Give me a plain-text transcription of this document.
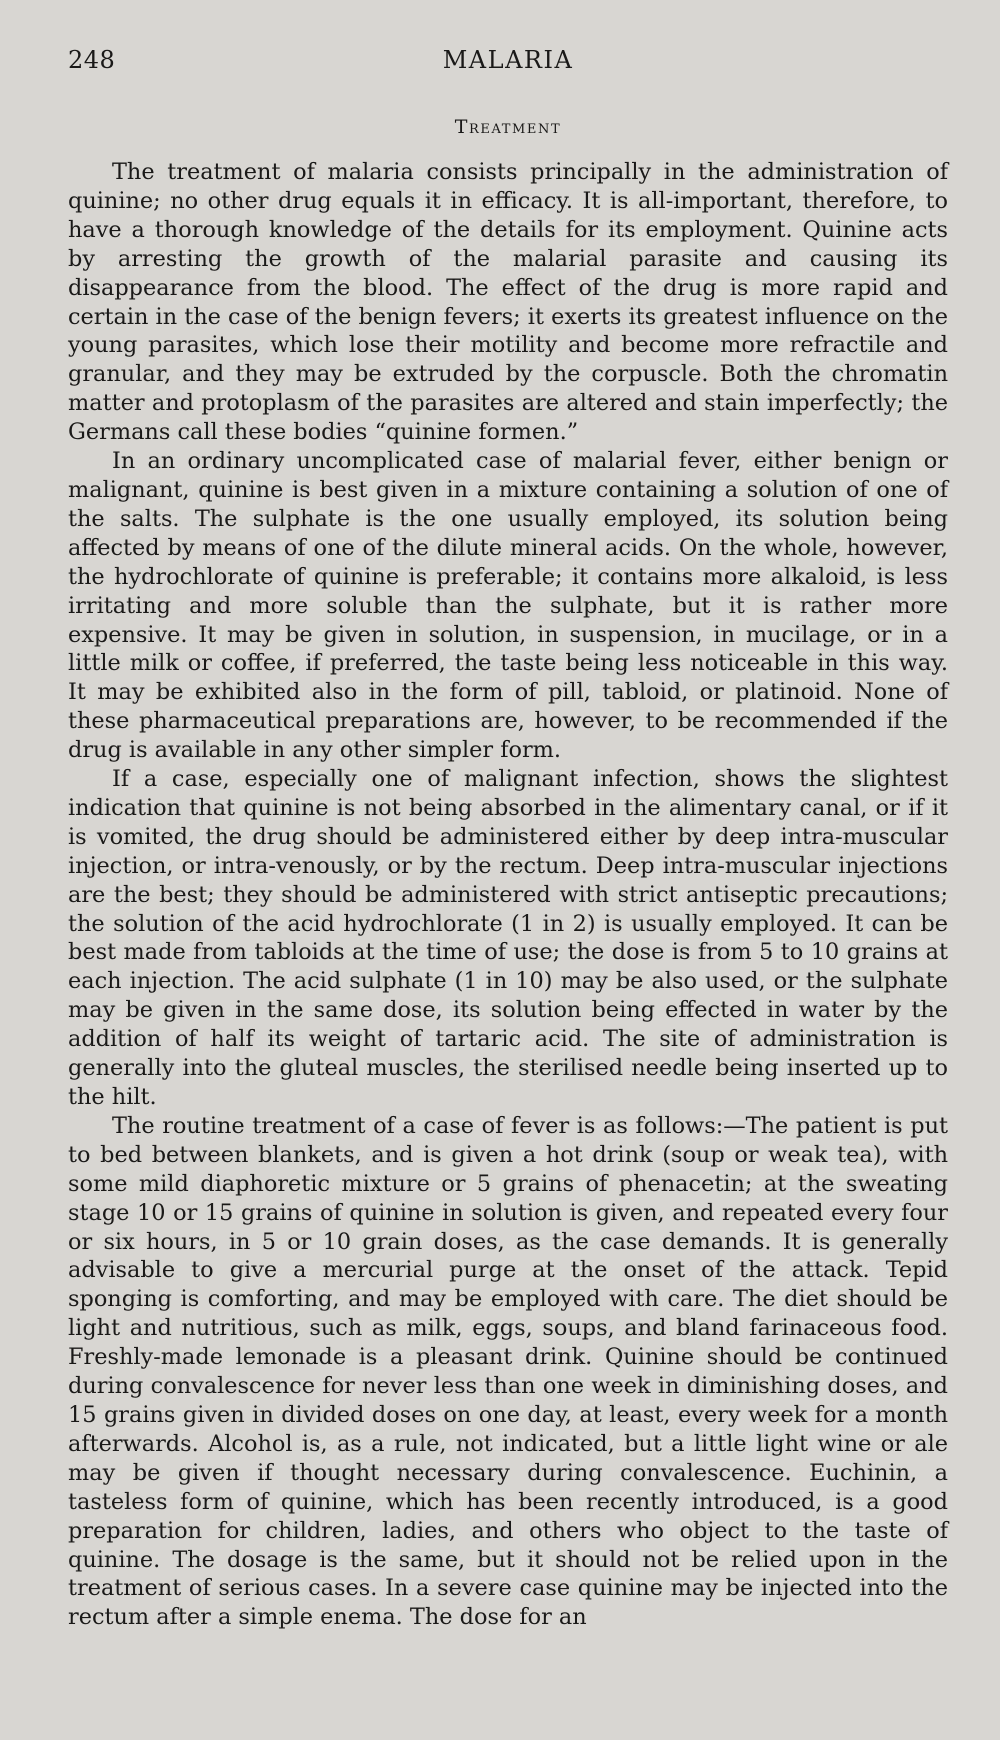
248	MALARIA
Treatment

The treatment of malaria consists principally in the administration of quinine; no other drug equals it in efficacy. It is all-important, therefore, to have a thorough knowledge of the details for its employment. Quinine acts by arresting the growth of the malarial parasite and causing its disappearance from the blood. The effect of the drug is more rapid and certain in the case of the benign fevers; it exerts its greatest influence on the young parasites, which lose their motility and become more refractile and granular, and they may be extruded by the corpuscle. Both the chromatin matter and protoplasm of the parasites are altered and stain imperfectly; the Germans call these bodies “quinine formen.”

In an ordinary uncomplicated case of malarial fever, either benign or malignant, quinine is best given in a mixture containing a solution of one of the salts. The sulphate is the one usually employed, its solution being affected by means of one of the dilute mineral acids. On the whole, however, the hydrochlorate of quinine is preferable; it contains more alkaloid, is less irritating and more soluble than the sulphate, but it is rather more expensive. It may be given in solution, in suspension, in mucilage, or in a little milk or coffee, if preferred, the taste being less noticeable in this way. It may be exhibited also in the form of pill, tabloid, or platinoid. None of these pharmaceutical preparations are, however, to be recommended if the drug is available in any other simpler form.

If a case, especially one of malignant infection, shows the slightest indication that quinine is not being absorbed in the alimentary canal, or if it is vomited, the drug should be administered either by deep intra-muscular injection, or intra-venously, or by the rectum. Deep intra-muscular injections are the best; they should be administered with strict antiseptic precautions; the solution of the acid hydrochlorate (1 in 2) is usually employed. It can be best made from tabloids at the time of use; the dose is from 5 to 10 grains at each injection. The acid sulphate (1 in 10) may be also used, or the sulphate may be given in the same dose, its solution being effected in water by the addition of half its weight of tartaric acid. The site of administration is generally into the gluteal muscles, the sterilised needle being inserted up to the hilt.

The routine treatment of a case of fever is as follows:—The patient is put to bed between blankets, and is given a hot drink (soup or weak tea), with some mild diaphoretic mixture or 5 grains of phenacetin; at the sweating stage 10 or 15 grains of quinine in solution is given, and repeated every four or six hours, in 5 or 10 grain doses, as the case demands. It is generally advisable to give a mercurial purge at the onset of the attack. Tepid sponging is comforting, and may be employed with care. The diet should be light and nutritious, such as milk, eggs, soups, and bland farinaceous food. Freshly-made lemonade is a pleasant drink. Quinine should be continued during convalescence for never less than one week in diminishing doses, and 15 grains given in divided doses on one day, at least, every week for a month afterwards. Alcohol is, as a rule, not indicated, but a little light wine or ale may be given if thought necessary during convalescence. Euchinin, a tasteless form of quinine, which has been recently introduced, is a good preparation for children, ladies, and others who object to the taste of quinine. The dosage is the same, but it should not be relied upon in the treatment of serious cases. In a severe case quinine may be injected into the rectum after a simple enema. The dose for an
